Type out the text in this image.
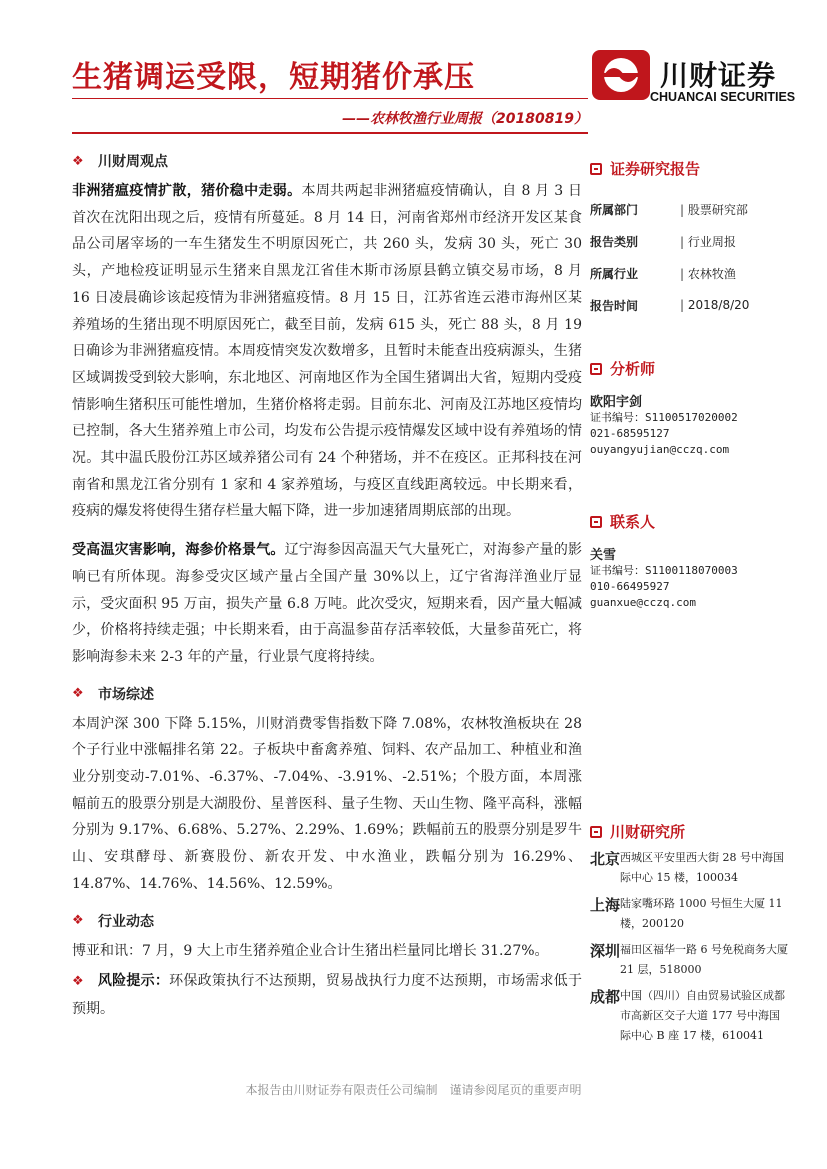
生猪调运受限，短期猪价承压
——农林牧渔行业周报（20180819）
川财证券
CHUANCAI SECURITIES
❖ 川财周观点

非洲猪瘟疫情扩散，猪价稳中走弱。本周共两起非洲猪瘟疫情确认，自 8 月 3 日首次在沈阳出现之后，疫情有所蔓延。8 月 14 日，河南省郑州市经济开发区某食品公司屠宰场的一车生猪发生不明原因死亡，共 260 头，发病 30 头，死亡 30 头，产地检疫证明显示生猪来自黑龙江省佳木斯市汤原县鹤立镇交易市场，8 月 16 日凌晨确诊该起疫情为非洲猪瘟疫情。8 月 15 日，江苏省连云港市海州区某养殖场的生猪出现不明原因死亡，截至目前，发病 615 头，死亡 88 头，8 月 19 日确诊为非洲猪瘟疫情。本周疫情突发次数增多，且暂时未能查出疫病源头，生猪区域调拨受到较大影响，东北地区、河南地区作为全国生猪调出大省，短期内受疫情影响生猪积压可能性增加，生猪价格将走弱。目前东北、河南及江苏地区疫情均已控制，各大生猪养殖上市公司，均发布公告提示疫情爆发区域中设有养殖场的情况。其中温氏股份江苏区域养猪公司有 24 个种猪场，并不在疫区。正邦科技在河南省和黑龙江省分别有 1 家和 4 家养殖场，与疫区直线距离较远。中长期来看，疫病的爆发将使得生猪存栏量大幅下降，进一步加速猪周期底部的出现。

受高温灾害影响，海参价格景气。辽宁海参因高温天气大量死亡，对海参产量的影响已有所体现。海参受灾区域产量占全国产量 30%以上，辽宁省海洋渔业厅显示，受灾面积 95 万亩，损失产量 6.8 万吨。此次受灾，短期来看，因产量大幅减少，价格将持续走强；中长期来看，由于高温参苗存活率较低，大量参苗死亡，将影响海参未来 2-3 年的产量，行业景气度将持续。

❖ 市场综述

本周沪深 300 下降 5.15%，川财消费零售指数下降 7.08%，农林牧渔板块在 28 个子行业中涨幅排名第 22。子板块中畜禽养殖、饲料、农产品加工、种植业和渔业分别变动-7.01%、-6.37%、-7.04%、-3.91%、-2.51%；个股方面，本周涨幅前五的股票分别是大湖股份、星普医科、量子生物、天山生物、隆平高科，涨幅分别为 9.17%、6.68%、5.27%、2.29%、1.69%；跌幅前五的股票分别是罗牛山、安琪酵母、新赛股份、新农开发、中水渔业，跌幅分别为 16.29%、14.87%、14.76%、14.56%、12.59%。

❖ 行业动态

博亚和讯：7 月，9 大上市生猪养殖企业合计生猪出栏量同比增长 31.27%。

❖ 风险提示：环保政策执行不达预期，贸易战执行力度不达预期，市场需求低于预期。

证券研究报告
所属部门	| 股票研究部
报告类别	| 行业周报
所属行业	| 农林牧渔
报告时间	| 2018/8/20
分析师
欧阳宇剑
证书编号：S1100517020002
021-68595127
ouyangyujian@cczq.com
联系人
关雪
证书编号：S1100118070003
010-66495927
guanxue@cczq.com
川财研究所
北京 西城区平安里西大街 28 号中海国际中心 15 楼，100034
上海 陆家嘴环路 1000 号恒生大厦 11 楼，200120
深圳 福田区福华一路 6 号免税商务大厦 21 层，518000
成都 中国（四川）自由贸易试验区成都市高新区交子大道 177 号中海国际中心 B 座 17 楼，610041
本报告由川财证券有限责任公司编制　谨请参阅尾页的重要声明
